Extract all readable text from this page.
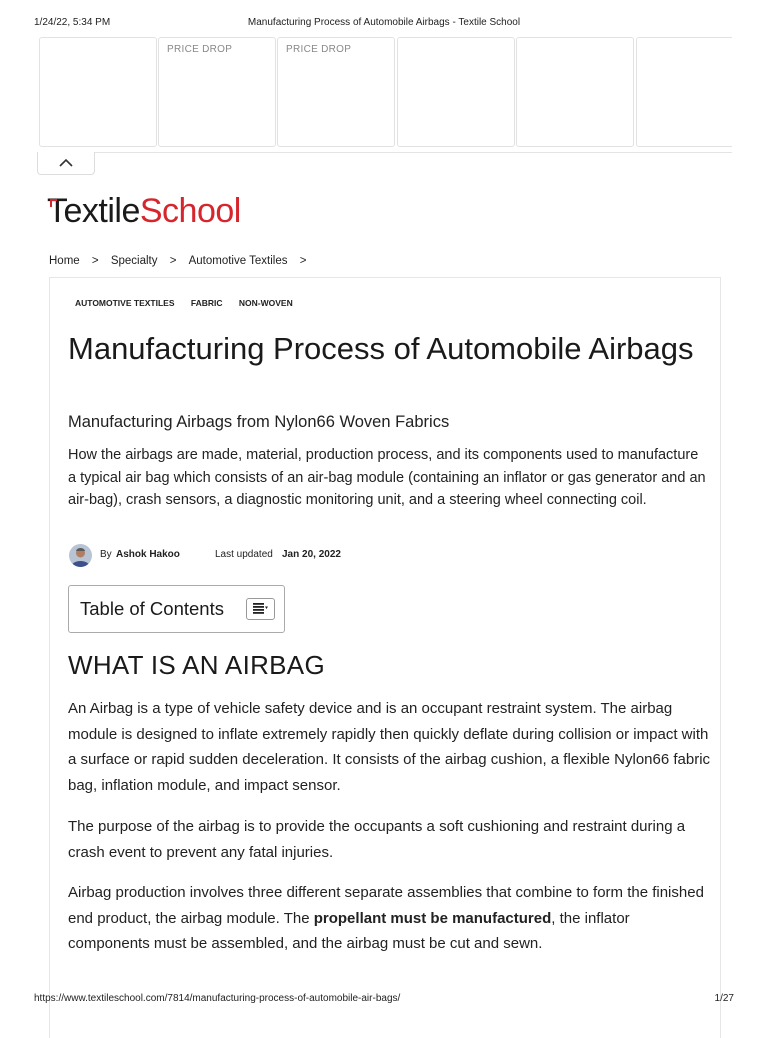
1/24/22, 5:34 PM	Manufacturing Process of Automobile Airbags - Textile School
PRICE DROP	PRICE DROP
TextileSchool
Home > Specialty > Automotive Textiles >
AUTOMOTIVE TEXTILES FABRIC NON-WOVEN
Manufacturing Process of Automobile Airbags
Manufacturing Airbags from Nylon66 Woven Fabrics
How the airbags are made, material, production process, and its components used to manufacture a typical air bag which consists of an air-bag module (containing an inflator or gas generator and an air-bag), crash sensors, a diagnostic monitoring unit, and a steering wheel connecting coil.
By Ashok Hakoo	Last updated Jan 20, 2022
Table of Contents
WHAT IS AN AIRBAG

An Airbag is a type of vehicle safety device and is an occupant restraint system. The airbag module is designed to inflate extremely rapidly then quickly deflate during collision or impact with a surface or rapid sudden deceleration. It consists of the airbag cushion, a flexible Nylon66 fabric bag, inflation module, and impact sensor.

The purpose of the airbag is to provide the occupants a soft cushioning and restraint during a crash event to prevent any fatal injuries.

Airbag production involves three different separate assemblies that combine to form the finished end product, the airbag module. The propellant must be manufactured, the inflator components must be assembled, and the airbag must be cut and sewn.

https://www.textileschool.com/7814/manufacturing-process-of-automobile-air-bags/	1/27
